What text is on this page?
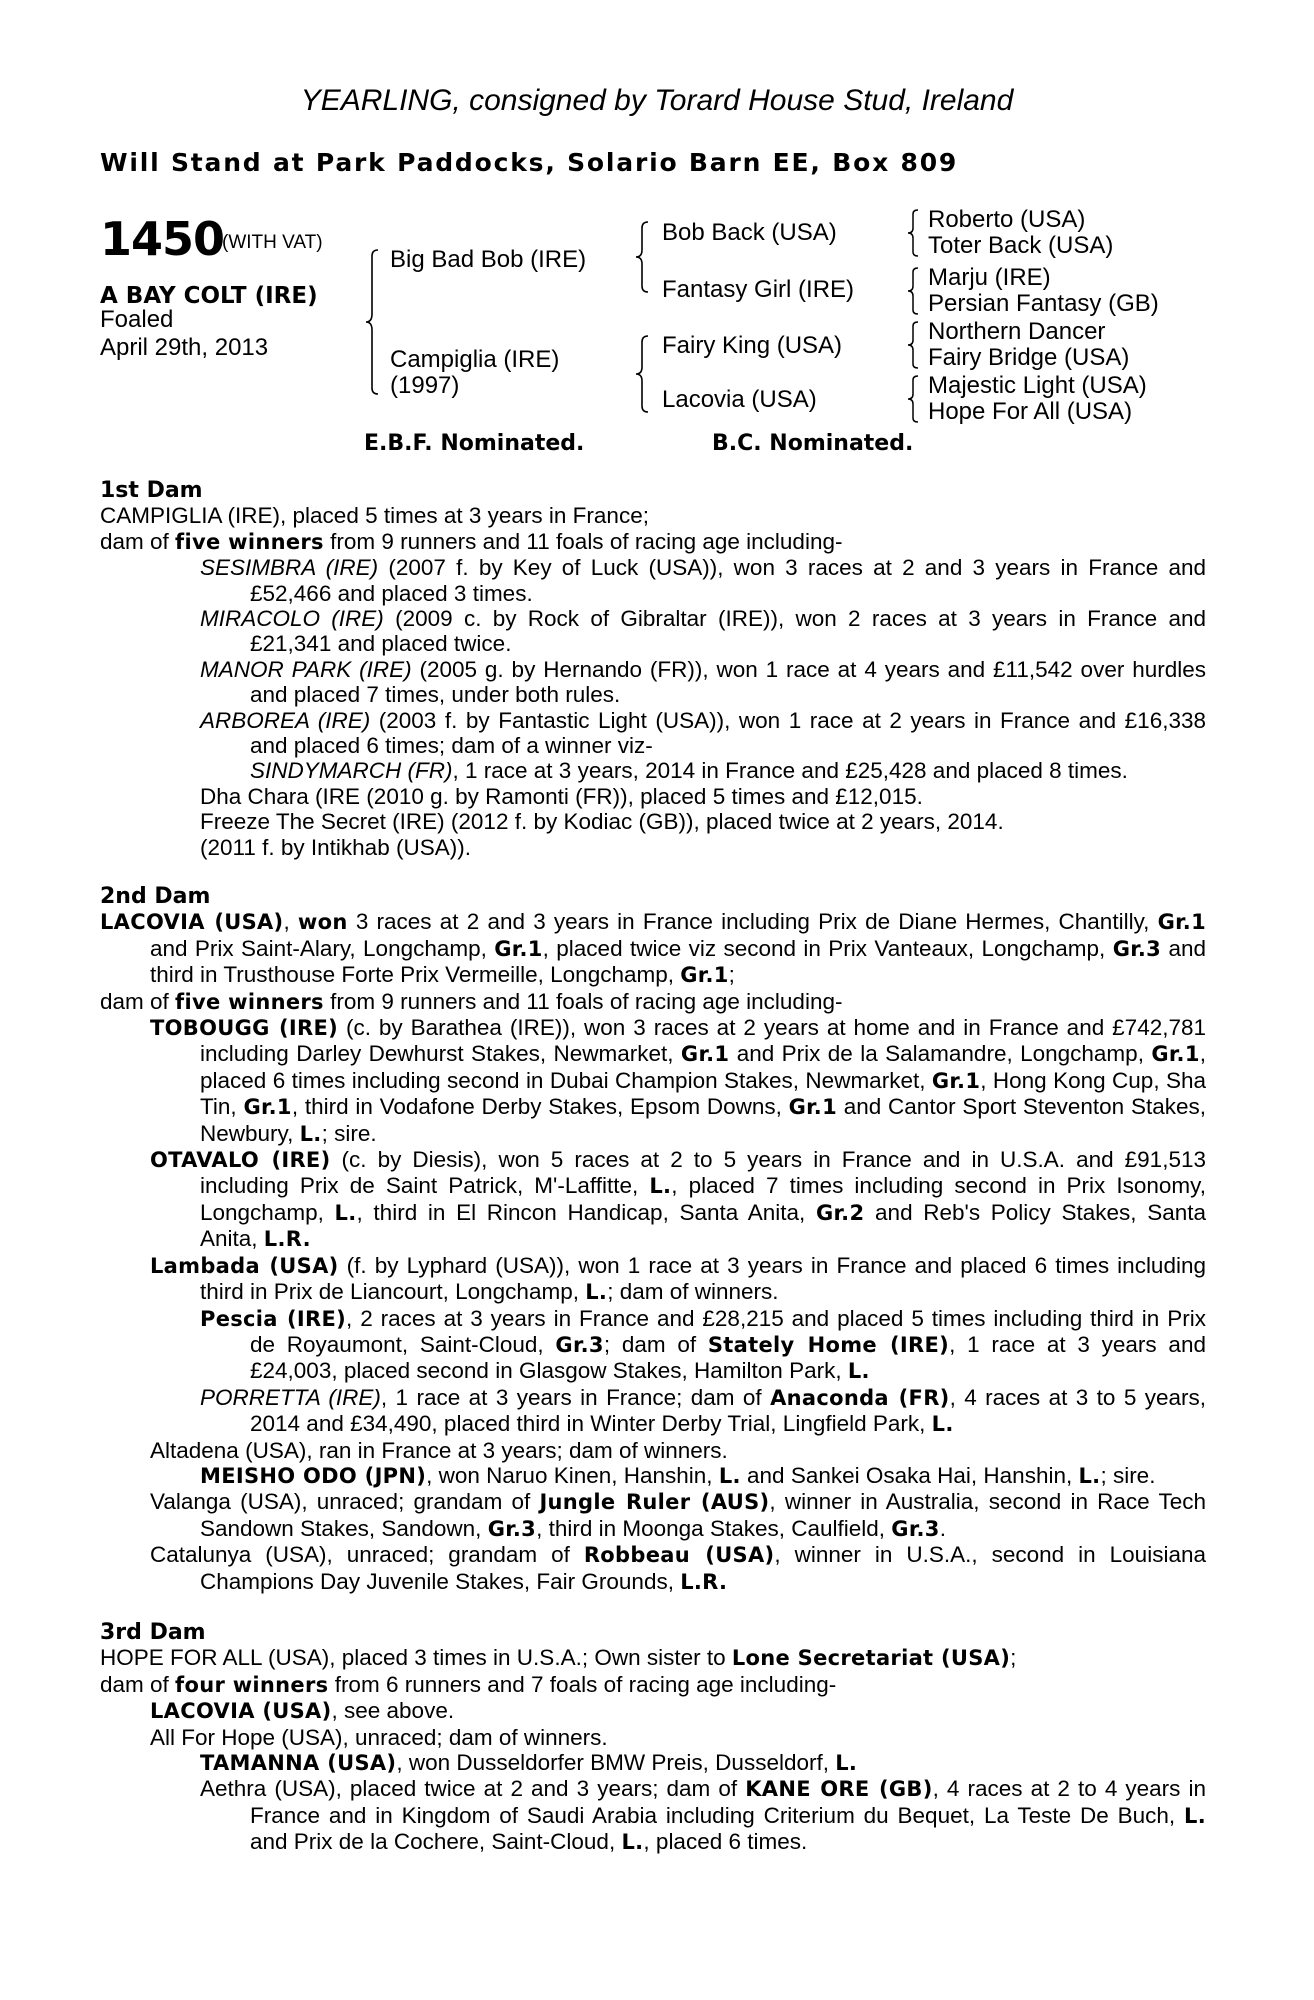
YEARLING, consigned by Torard House Stud, Ireland
Will Stand at Park Paddocks, Solario Barn EE, Box 809
1450
(WITH VAT)
A BAY COLT (IRE)
Foaled
April 29th, 2013
Big Bad Bob (IRE)
Campiglia (IRE)
(1997)
Bob Back (USA)
Fantasy Girl (IRE)
Fairy King (USA)
Lacovia (USA)
Roberto (USA)
Toter Back (USA)
Marju (IRE)
Persian Fantasy (GB)
Northern Dancer
Fairy Bridge (USA)
Majestic Light (USA)
Hope For All (USA)
E.B.F. Nominated.	B.C. Nominated.

1st Dam

CAMPIGLIA (IRE), placed 5 times at 3 years in France;

dam of five winners from 9 runners and 11 foals of racing age including-

SESIMBRA (IRE) (2007 f. by Key of Luck (USA)), won 3 races at 2 and 3 years in France and £52,466 and placed 3 times.

MIRACOLO (IRE) (2009 c. by Rock of Gibraltar (IRE)), won 2 races at 3 years in France and £21,341 and placed twice.

MANOR PARK (IRE) (2005 g. by Hernando (FR)), won 1 race at 4 years and £11,542 over hurdles and placed 7 times, under both rules.

ARBOREA (IRE) (2003 f. by Fantastic Light (USA)), won 1 race at 2 years in France and £16,338 and placed 6 times; dam of a winner viz-

SINDYMARCH (FR), 1 race at 3 years, 2014 in France and £25,428 and placed 8 times.

Dha Chara (IRE (2010 g. by Ramonti (FR)), placed 5 times and £12,015.

Freeze The Secret (IRE) (2012 f. by Kodiac (GB)), placed twice at 2 years, 2014.

(2011 f. by Intikhab (USA)).

2nd Dam

LACOVIA (USA), won 3 races at 2 and 3 years in France including Prix de Diane Hermes, Chantilly, Gr.1 and Prix Saint-Alary, Longchamp, Gr.1, placed twice viz second in Prix Vanteaux, Longchamp, Gr.3 and third in Trusthouse Forte Prix Vermeille, Longchamp, Gr.1;

dam of five winners from 9 runners and 11 foals of racing age including-

TOBOUGG (IRE) (c. by Barathea (IRE)), won 3 races at 2 years at home and in France and £742,781 including Darley Dewhurst Stakes, Newmarket, Gr.1 and Prix de la Salamandre, Longchamp, Gr.1, placed 6 times including second in Dubai Champion Stakes, Newmarket, Gr.1, Hong Kong Cup, Sha Tin, Gr.1, third in Vodafone Derby Stakes, Epsom Downs, Gr.1 and Cantor Sport Steventon Stakes, Newbury, L.; sire.

OTAVALO (IRE) (c. by Diesis), won 5 races at 2 to 5 years in France and in U.S.A. and £91,513 including Prix de Saint Patrick, M'-Laffitte, L., placed 7 times including second in Prix Isonomy, Longchamp, L., third in El Rincon Handicap, Santa Anita, Gr.2 and Reb's Policy Stakes, Santa Anita, L.R.

Lambada (USA) (f. by Lyphard (USA)), won 1 race at 3 years in France and placed 6 times including third in Prix de Liancourt, Longchamp, L.; dam of winners.

Pescia (IRE), 2 races at 3 years in France and £28,215 and placed 5 times including third in Prix de Royaumont, Saint-Cloud, Gr.3; dam of Stately Home (IRE), 1 race at 3 years and £24,003, placed second in Glasgow Stakes, Hamilton Park, L.

PORRETTA (IRE), 1 race at 3 years in France; dam of Anaconda (FR), 4 races at 3 to 5 years, 2014 and £34,490, placed third in Winter Derby Trial, Lingfield Park, L.

Altadena (USA), ran in France at 3 years; dam of winners.

MEISHO ODO (JPN), won Naruo Kinen, Hanshin, L. and Sankei Osaka Hai, Hanshin, L.; sire.

Valanga (USA), unraced; grandam of Jungle Ruler (AUS), winner in Australia, second in Race Tech Sandown Stakes, Sandown, Gr.3, third in Moonga Stakes, Caulfield, Gr.3.

Catalunya (USA), unraced; grandam of Robbeau (USA), winner in U.S.A., second in Louisiana Champions Day Juvenile Stakes, Fair Grounds, L.R.

3rd Dam

HOPE FOR ALL (USA), placed 3 times in U.S.A.; Own sister to Lone Secretariat (USA);

dam of four winners from 6 runners and 7 foals of racing age including-

LACOVIA (USA), see above.

All For Hope (USA), unraced; dam of winners.

TAMANNA (USA), won Dusseldorfer BMW Preis, Dusseldorf, L.

Aethra (USA), placed twice at 2 and 3 years; dam of KANE ORE (GB), 4 races at 2 to 4 years in France and in Kingdom of Saudi Arabia including Criterium du Bequet, La Teste De Buch, L. and Prix de la Cochere, Saint-Cloud, L., placed 6 times.
